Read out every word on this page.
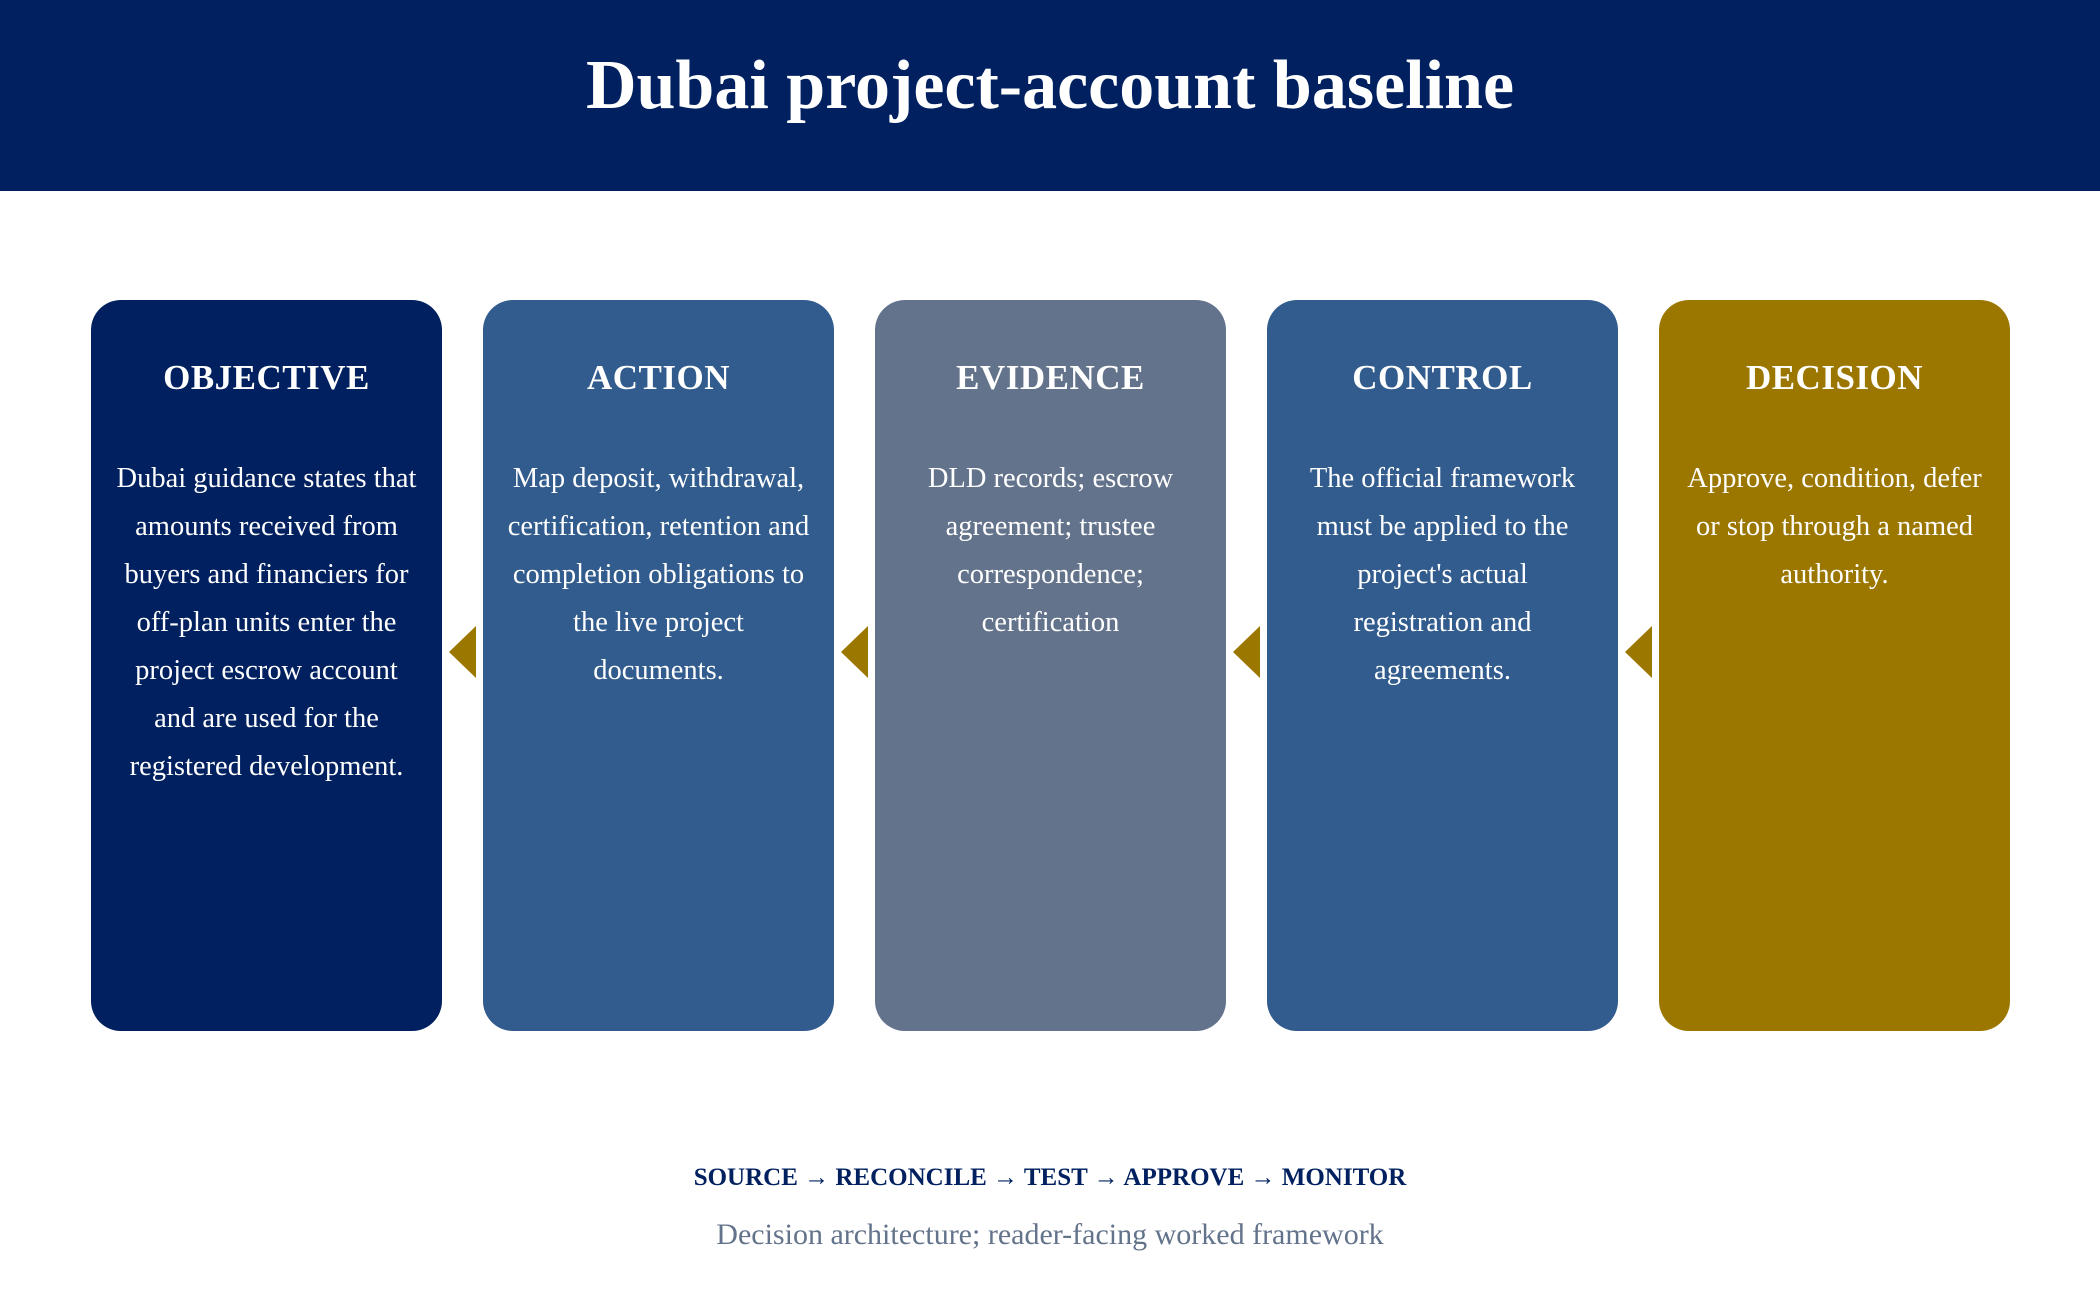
Dubai project-account baseline
OBJECTIVE
Dubai guidance states that amounts received from buyers and financiers for off-plan units enter the project escrow account and are used for the registered development.
ACTION
Map deposit, withdrawal, certification, retention and completion obligations to the live project documents.
EVIDENCE
DLD records; escrow agreement; trustee correspondence; certification
CONTROL
The official framework must be applied to the project's actual registration and agreements.
DECISION
Approve, condition, defer or stop through a named authority.
SOURCE → RECONCILE → TEST → APPROVE → MONITOR
Decision architecture; reader-facing worked framework
